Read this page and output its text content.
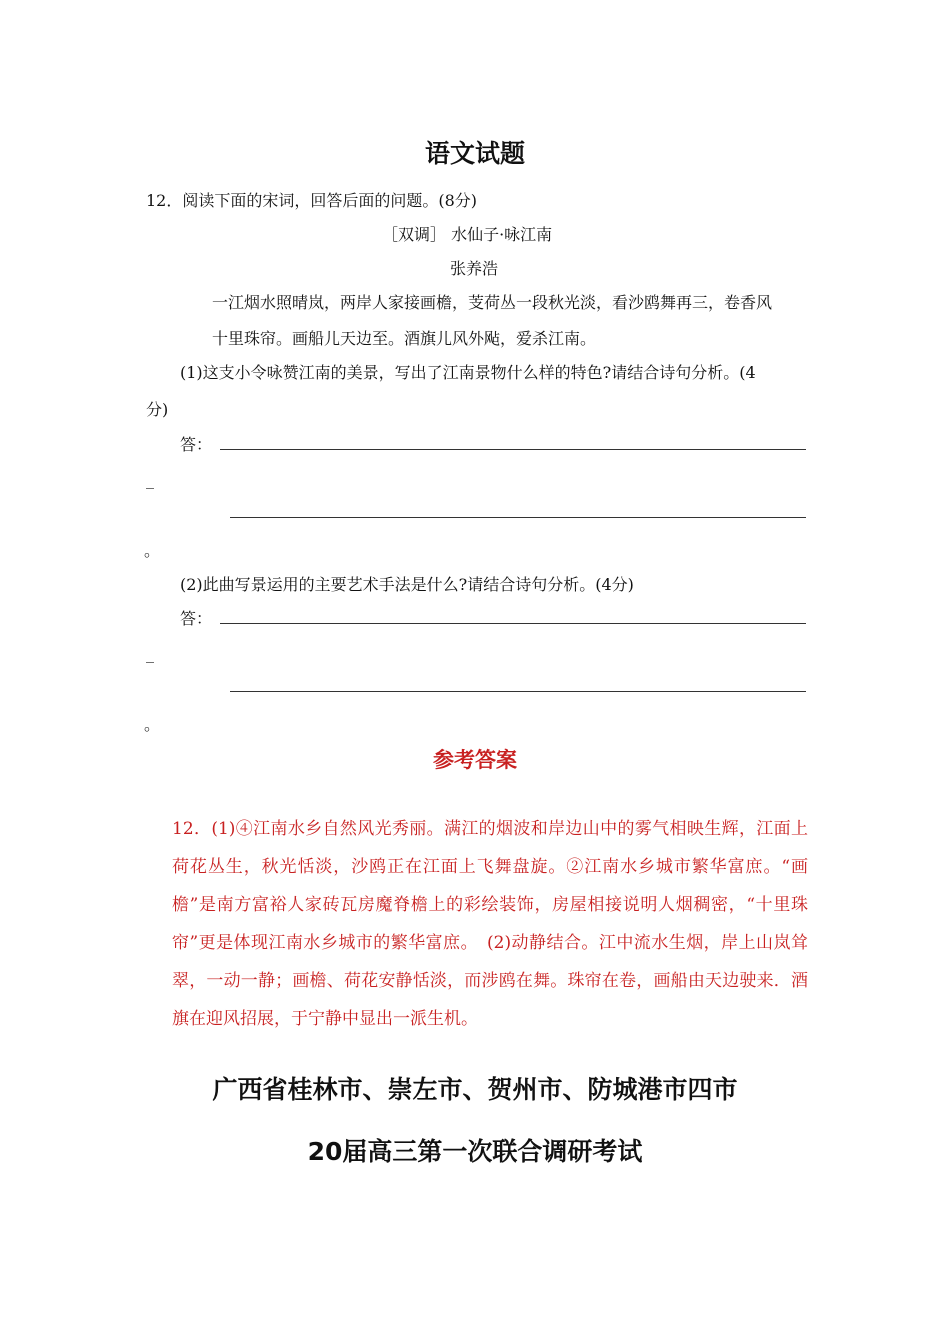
语文试题
12．阅读下面的宋词，回答后面的问题。(8分)
［双调］ 水仙子·咏江南
张养浩
一江烟水照晴岚，两岸人家接画檐，芰荷丛一段秋光淡，看沙鸥舞再三，卷香风
十里珠帘。画船儿天边至。酒旗儿风外飐，爱杀江南。
(1)这支小令咏赞江南的美景，写出了江南景物什么样的特色?请结合诗句分析。(4
分)
答：
_
。
(2)此曲写景运用的主要艺术手法是什么?请结合诗句分析。(4分)
答：
_
。
参考答案
12．(1)④江南水乡自然风光秀丽。满江的烟波和岸边山中的雾气相映生辉，江面上荷花丛生，秋光恬淡，沙鸥正在江面上飞舞盘旋。②江南水乡城市繁华富庶。“画檐”是南方富裕人家砖瓦房魔脊檐上的彩绘装饰，房屋相接说明人烟稠密，“十里珠帘”更是体现江南水乡城市的繁华富庶。　(2)动静结合。江中流水生烟，岸上山岚耸翠，一动一静；画檐、荷花安静恬淡，而涉鸥在舞。珠帘在卷，画船由天边驶来．酒旗在迎风招展，于宁静中显出一派生机。
广西省桂林市、崇左市、贺州市、防城港市四市
20届高三第一次联合调研考试
